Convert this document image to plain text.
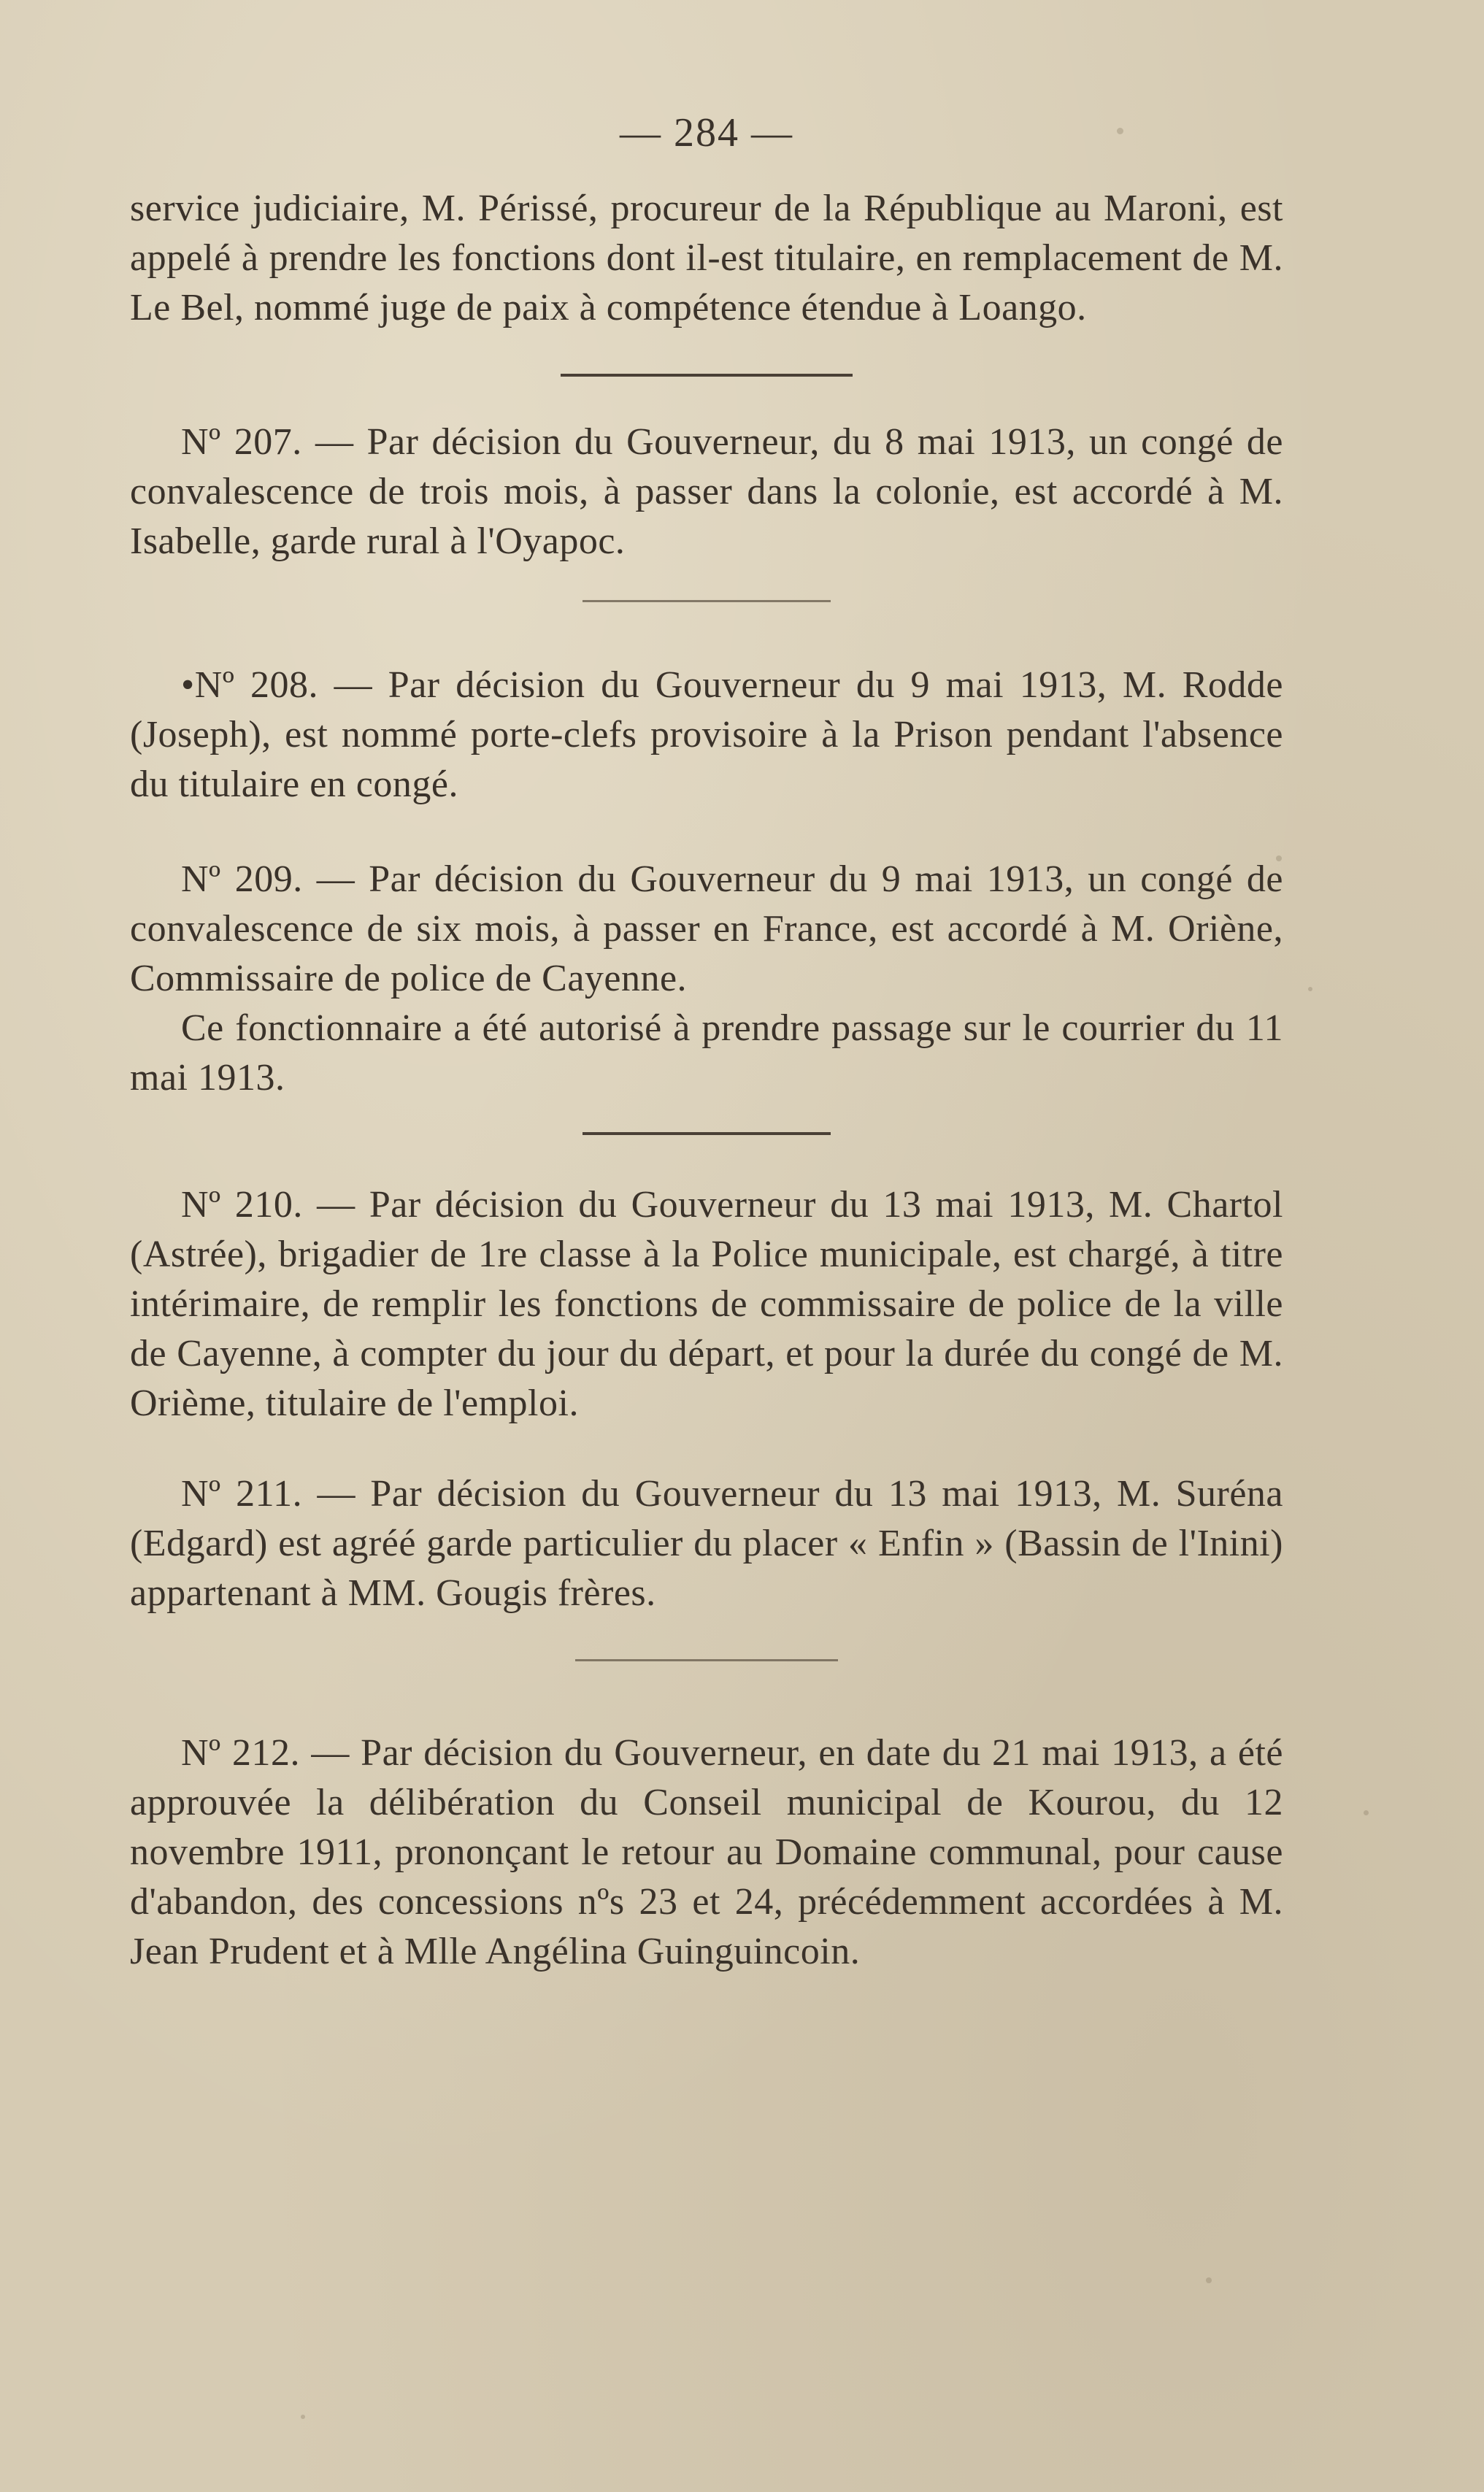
— 284 —

service judiciaire, M. Périssé, procureur de la République au Maroni, est appelé à prendre les fonctions dont il-est titulaire, en remplacement de M. Le Bel, nommé juge de paix à compétence étendue à Loango.

Nº 207. — Par décision du Gouverneur, du 8 mai 1913, un congé de convalescence de trois mois, à passer dans la colonie, est accordé à M. Isabelle, garde rural à l'Oyapoc.

•Nº 208. — Par décision du Gouverneur du 9 mai 1913, M. Rodde (Joseph), est nommé porte-clefs provisoire à la Prison pendant l'absence du titulaire en congé.

Nº 209. — Par décision du Gouverneur du 9 mai 1913, un congé de convalescence de six mois, à passer en France, est accordé à M. Oriène, Commissaire de police de Cayenne.

Ce fonctionnaire a été autorisé à prendre passage sur le courrier du 11 mai 1913.

Nº 210. — Par décision du Gouverneur du 13 mai 1913, M. Chartol (Astrée), brigadier de 1re classe à la Police municipale, est chargé, à titre intérimaire, de remplir les fonctions de commissaire de police de la ville de Cayenne, à compter du jour du départ, et pour la durée du congé de M. Orième, titulaire de l'emploi.

Nº 211. — Par décision du Gouverneur du 13 mai 1913, M. Suréna (Edgard) est agréé garde particulier du placer « Enfin » (Bassin de l'Inini) appartenant à MM. Gougis frères.

Nº 212. — Par décision du Gouverneur, en date du 21 mai 1913, a été approuvée la délibération du Conseil municipal de Kourou, du 12 novembre 1911, prononçant le retour au Domaine communal, pour cause d'abandon, des concessions nºs 23 et 24, précédemment accordées à M. Jean Prudent et à Mlle Angélina Guinguincoin.
